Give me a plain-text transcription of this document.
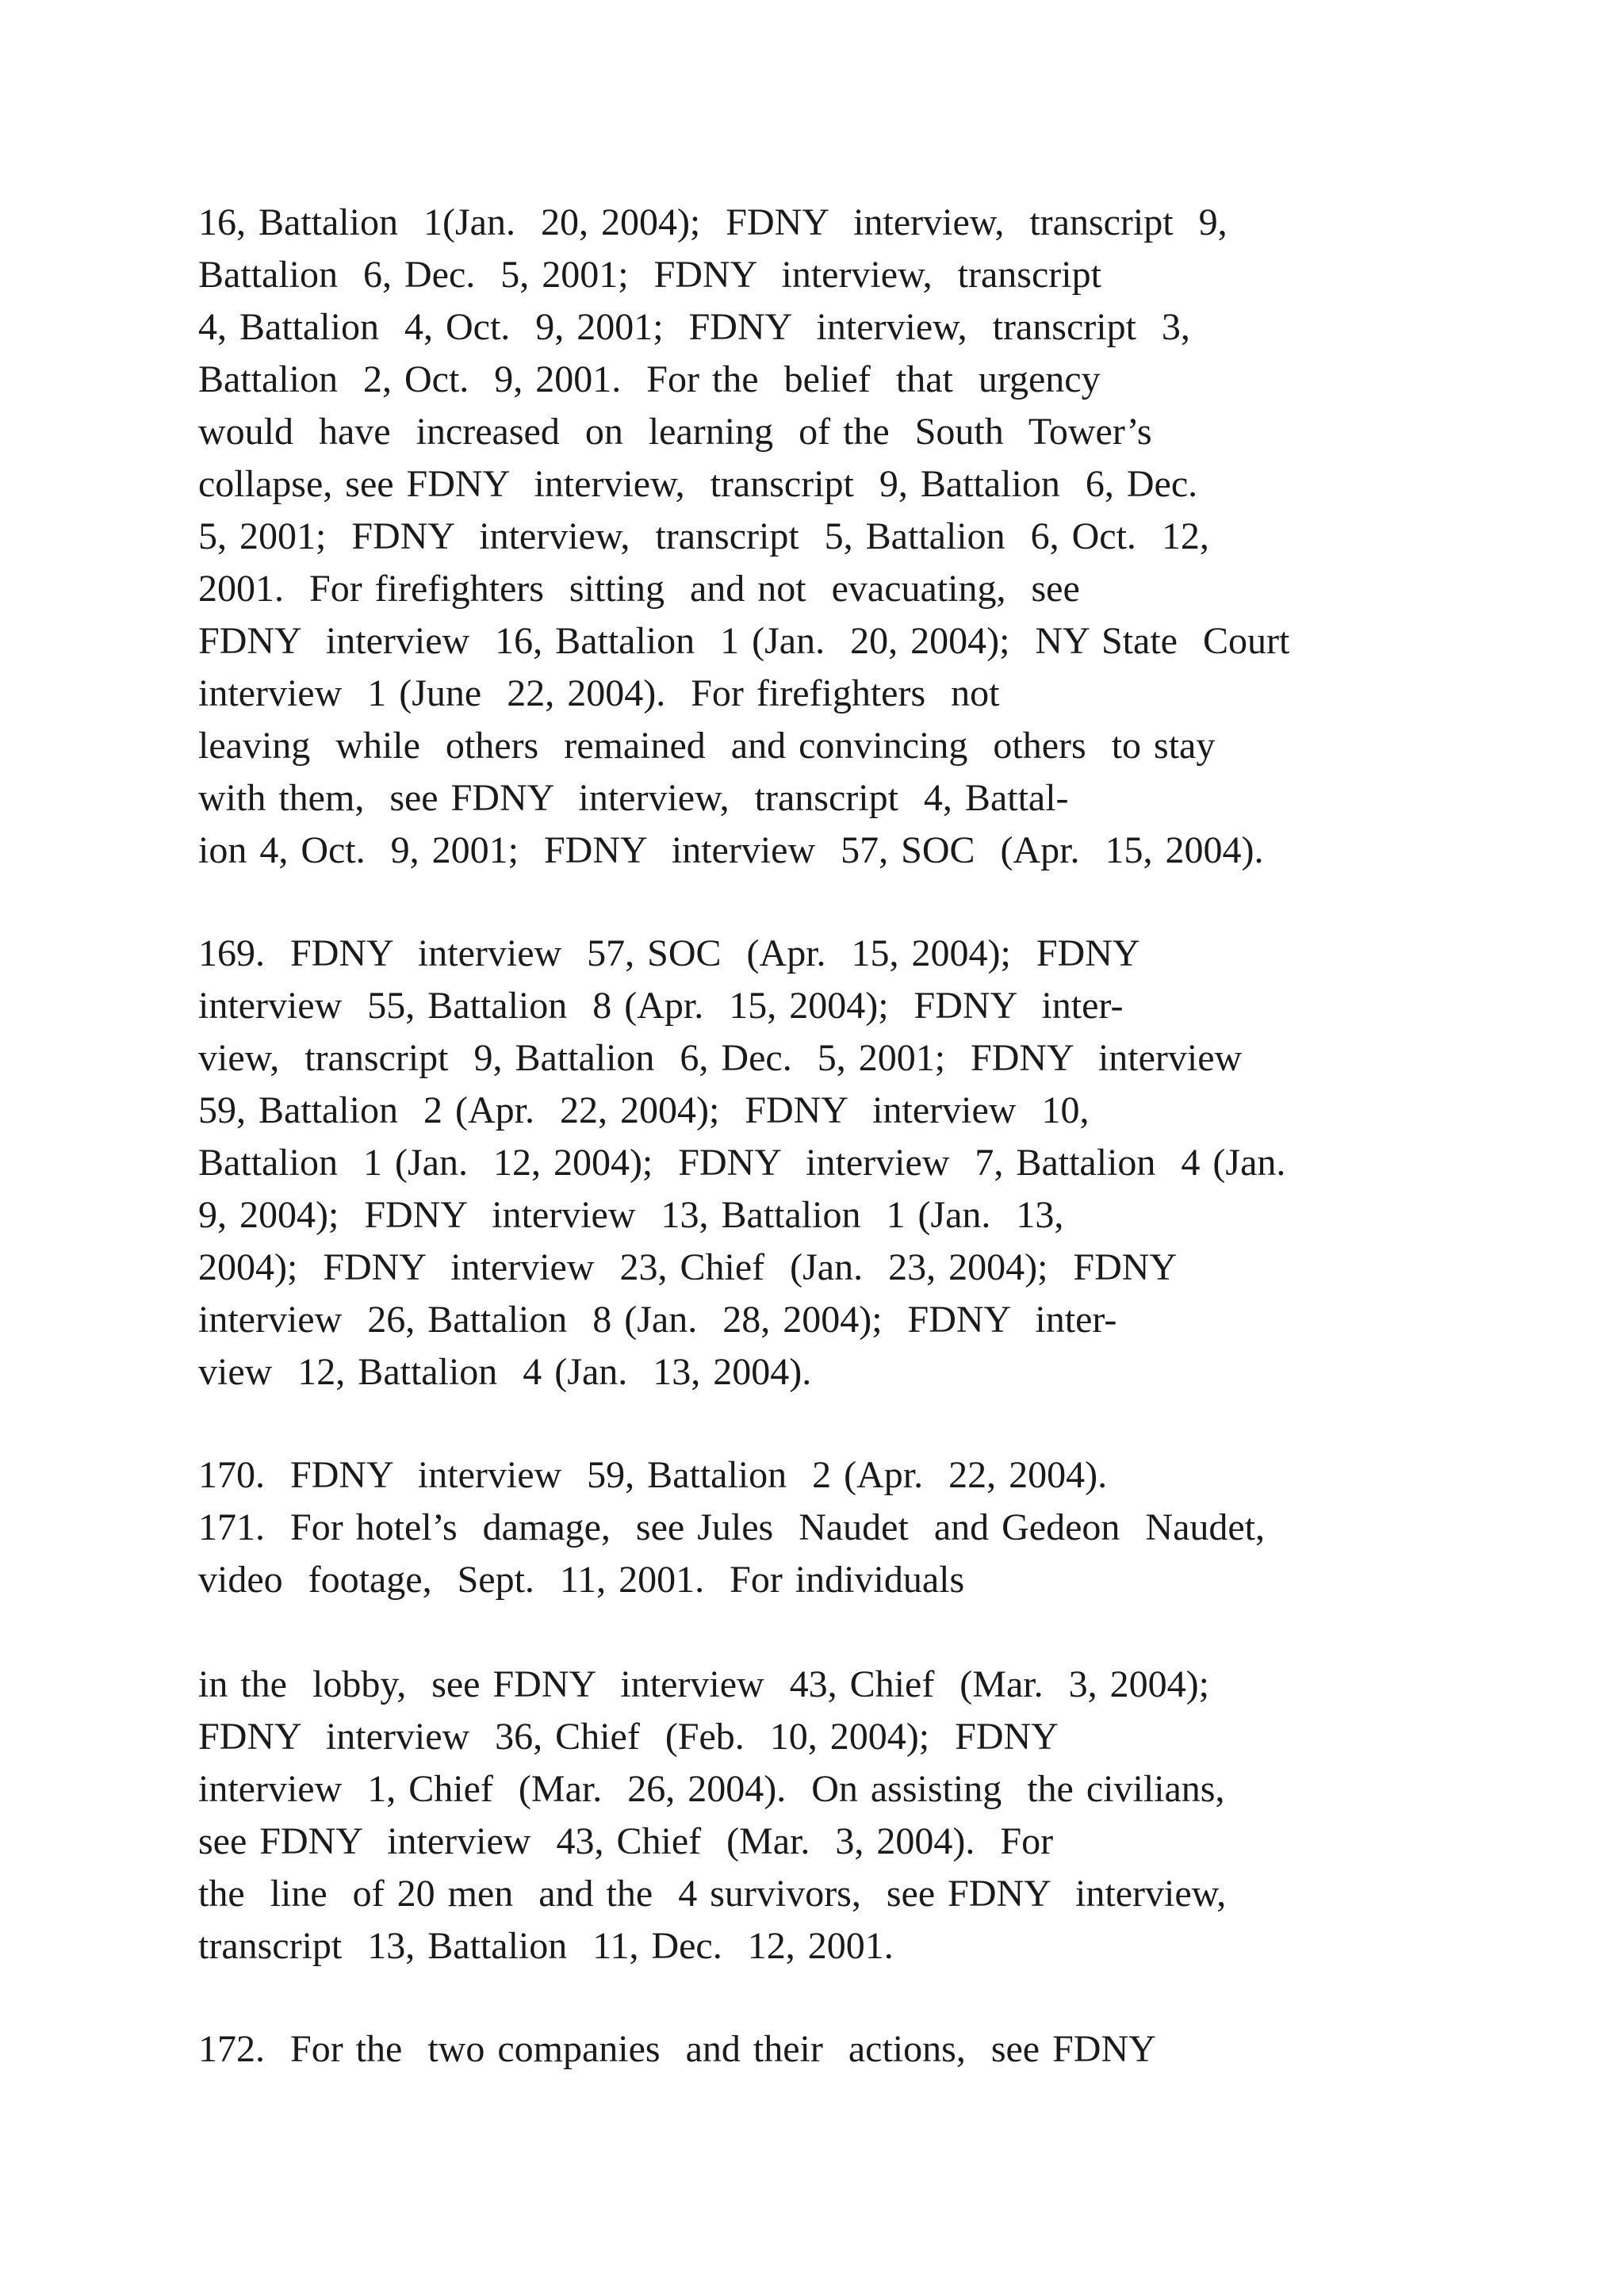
16, Battalion  1(Jan.  20, 2004);  FDNY  interview,  transcript  9,
Battalion  6, Dec.  5, 2001;  FDNY  interview,  transcript
4, Battalion  4, Oct.  9, 2001;  FDNY  interview,  transcript  3,
Battalion  2, Oct.  9, 2001.  For the  belief  that  urgency
would  have  increased  on  learning  of the  South  Tower’s
collapse, see FDNY  interview,  transcript  9, Battalion  6, Dec.
5, 2001;  FDNY  interview,  transcript  5, Battalion  6, Oct.  12,
2001.  For firefighters  sitting  and not  evacuating,  see
FDNY  interview  16, Battalion  1 (Jan.  20, 2004);  NY State  Court
interview  1 (June  22, 2004).  For firefighters  not
leaving  while  others  remained  and convincing  others  to stay
with them,  see FDNY  interview,  transcript  4, Battal-
ion 4, Oct.  9, 2001;  FDNY  interview  57, SOC  (Apr.  15, 2004).
169.  FDNY  interview  57, SOC  (Apr.  15, 2004);  FDNY
interview  55, Battalion  8 (Apr.  15, 2004);  FDNY  inter-
view,  transcript  9, Battalion  6, Dec.  5, 2001;  FDNY  interview
59, Battalion  2 (Apr.  22, 2004);  FDNY  interview  10,
Battalion  1 (Jan.  12, 2004);  FDNY  interview  7, Battalion  4 (Jan.
9, 2004);  FDNY  interview  13, Battalion  1 (Jan.  13,
2004);  FDNY  interview  23, Chief  (Jan.  23, 2004);  FDNY
interview  26, Battalion  8 (Jan.  28, 2004);  FDNY  inter-
view  12, Battalion  4 (Jan.  13, 2004).
170.  FDNY  interview  59, Battalion  2 (Apr.  22, 2004).
171.  For hotel’s  damage,  see Jules  Naudet  and Gedeon  Naudet,
video  footage,  Sept.  11, 2001.  For individuals
in the  lobby,  see FDNY  interview  43, Chief  (Mar.  3, 2004);
FDNY  interview  36, Chief  (Feb.  10, 2004);  FDNY
interview  1, Chief  (Mar.  26, 2004).  On assisting  the civilians,
see FDNY  interview  43, Chief  (Mar.  3, 2004).  For
the  line  of 20 men  and the  4 survivors,  see FDNY  interview,
transcript  13, Battalion  11, Dec.  12, 2001.
172.  For the  two companies  and their  actions,  see FDNY
